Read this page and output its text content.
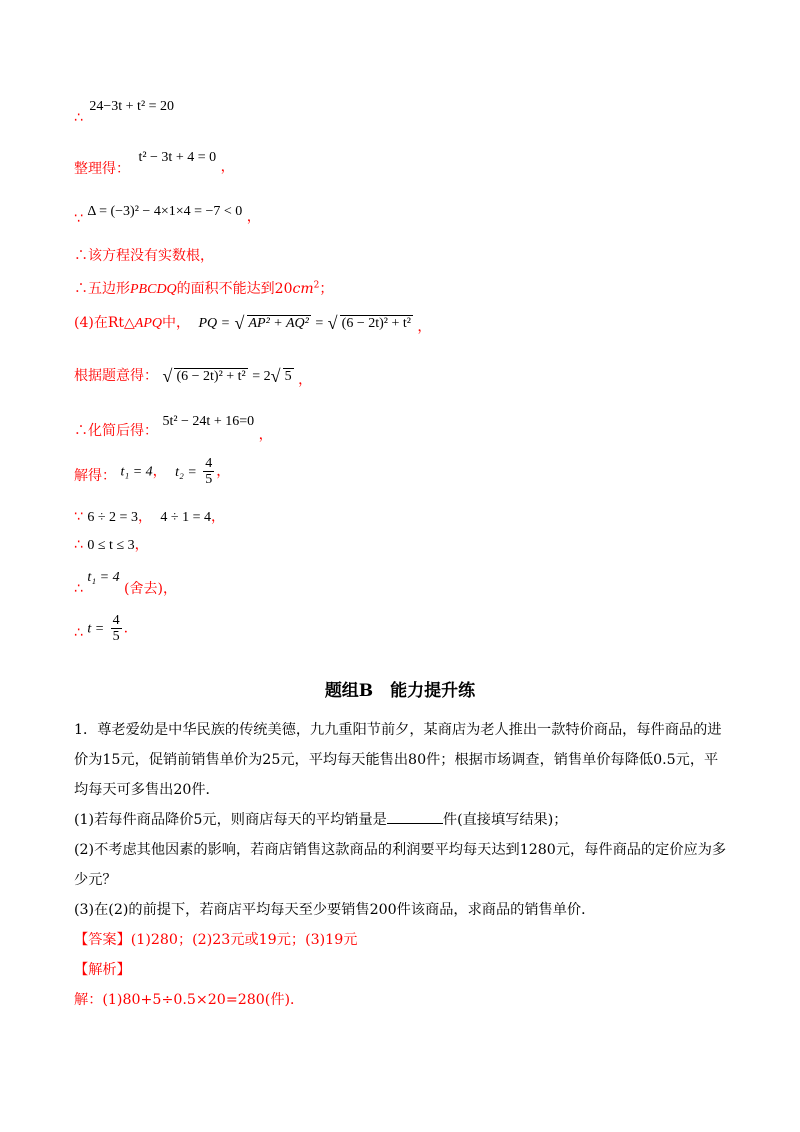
∴ 24−3t + t² = 20
整理得： t² − 3t + 4 = 0 ，
∵ Δ = (−3)² − 4×1×4 = −7 < 0 ，
∴该方程没有实数根，
∴五边形PBCDQ的面积不能达到$20cm^2$；
(4)在Rt△APQ中， PQ = √ AP² + AQ² = √ (6 − 2t)² + t² ，
根据题意得： √ (6 − 2t)² + t² = 2 √ 5 ，
∴化简后得： 5t² − 24t + 16=0 ，
解得： t₁ = 4， $t_2 = \frac{4}{5}$ ，
∵ 6 ÷ 2 = 3， 4 ÷ 1 = 4，
∴ 0 ≤ t ≤ 3，
∴ t₁ = 4 (舍去)，
∴ $t = \frac{4}{5}$ .
题组B　能力提升练
1．尊老爱幼是中华民族的传统美德，九九重阳节前夕，某商店为老人推出一款特价商品，每件商品的进价为15元，促销前销售单价为25元，平均每天能售出80件；根据市场调查，销售单价每降低0.5元，平均每天可多售出20件．
(1)若每件商品降价5元，则商店每天的平均销量是	件(直接填写结果)；
(2)不考虑其他因素的影响，若商店销售这款商品的利润要平均每天达到1280元，每件商品的定价应为多少元？
(3)在(2)的前提下，若商店平均每天至少要销售200件该商品，求商品的销售单价．
【答案】(1)280；(2)23元或19元；(3)19元
【解析】
解：(1)80+5÷0.5×20=280(件)．
